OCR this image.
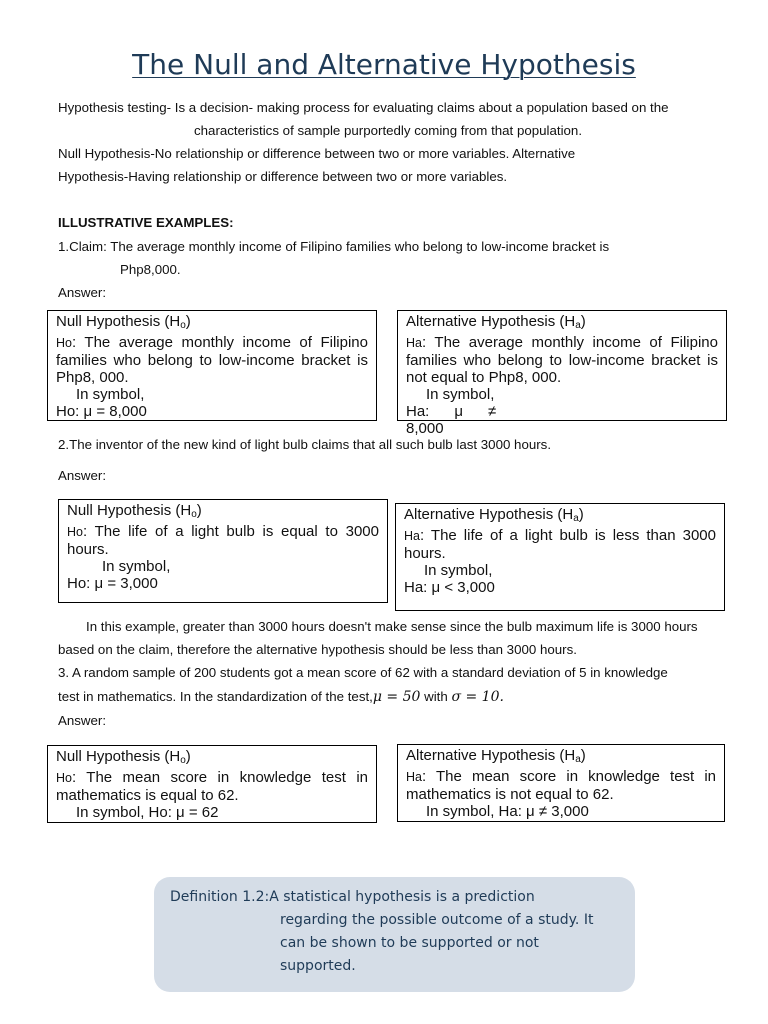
The Null and Alternative Hypothesis

Hypothesis testing- Is a decision- making process for evaluating claims about a population based on the

characteristics of sample purportedly coming from that population.

Null Hypothesis-No relationship or difference between two or more variables. Alternative

Hypothesis-Having relationship or difference between two or more variables.

ILLUSTRATIVE EXAMPLES:

1.Claim: The average monthly income of Filipino families who belong to low-income bracket is

Php8,000.

Answer:

Null Hypothesis $(H_o)$
Ho: The average monthly income of Filipino families who belong to low-income bracket is Php8, 000.
In symbol,
Ho: μ = 8,000
Alternative Hypothesis $(H_a)$
Ha: The average monthly income of Filipino families who belong to low-income bracket is not equal to Php8, 000.
In symbol,
Ha:      μ      ≠
8,000

2.The inventor of the new kind of light bulb claims that all such bulb last 3000 hours.

Answer:

Null Hypothesis $(H_o)$
Ho: The life of a light bulb is equal to 3000 hours.
In symbol,
Ho: μ = 3,000
Alternative Hypothesis $(H_a)$
Ha: The life of a light bulb is less than 3000 hours.
In symbol,
Ha: μ < 3,000

In this example, greater than 3000 hours doesn't make sense since the bulb maximum life is 3000 hours

based on the claim, therefore the alternative hypothesis should be less than 3000 hours.

3. A random sample of 200 students got a mean score of 62 with a standard deviation of 5 in knowledge

test in mathematics. In the standardization of the test,μ = 50 with σ = 10.

Answer:

Null Hypothesis $(H_o)$
Ho: The mean score in knowledge test in mathematics is equal to 62.
In symbol, Ho: μ = 62
Alternative Hypothesis $(H_a)$
Ha: The mean score in knowledge test in mathematics is not equal to 62.
In symbol, Ha: μ ≠ 3,000
Definition 1.2: A statistical hypothesis is a prediction
regarding the possible outcome of a study. It
can be shown to be supported or not
supported.
